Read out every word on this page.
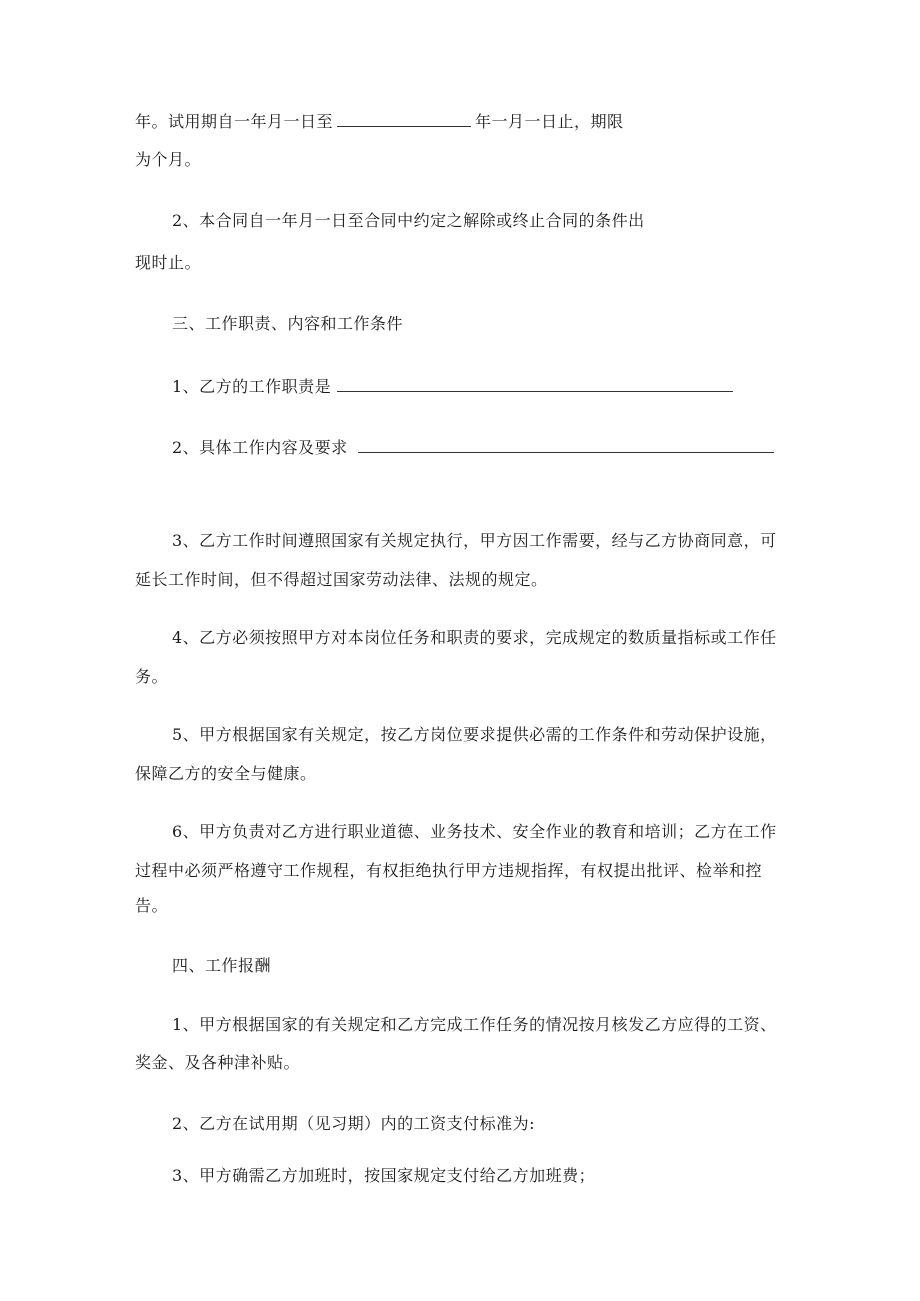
年。试用期自一年月一日至	年一月一日止，期限
为个月。
2、本合同自一年月一日至合同中约定之解除或终止合同的条件出
现时止。
三、工作职责、内容和工作条件
1、乙方的工作职责是
2、具体工作内容及要求
3、乙方工作时间遵照国家有关规定执行，甲方因工作需要，经与乙方协商同意，可
延长工作时间，但不得超过国家劳动法律、法规的规定。
4、乙方必须按照甲方对本岗位任务和职责的要求，完成规定的数质量指标或工作任
务。
5、甲方根据国家有关规定，按乙方岗位要求提供必需的工作条件和劳动保护设施，
保障乙方的安全与健康。
6、甲方负责对乙方进行职业道德、业务技术、安全作业的教育和培训；乙方在工作
过程中必须严格遵守工作规程，有权拒绝执行甲方违规指挥，有权提出批评、检举和控
告。
四、工作报酬
1、甲方根据国家的有关规定和乙方完成工作任务的情况按月核发乙方应得的工资、
奖金、及各种津补贴。
2、乙方在试用期（见习期）内的工资支付标准为:
3、甲方确需乙方加班时，按国家规定支付给乙方加班费；
